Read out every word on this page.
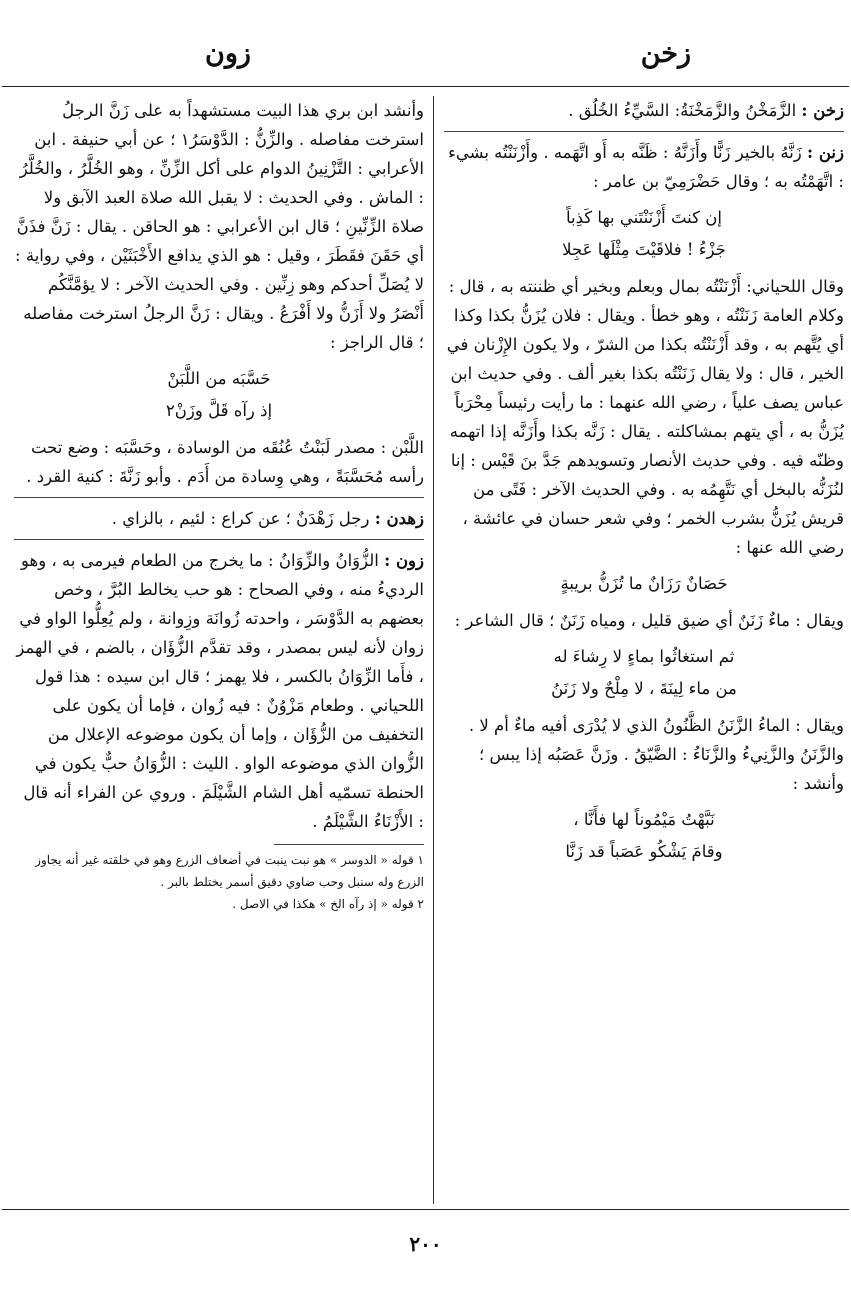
زخن
زون

زخن : الزَّمَخْنُ والزَّمَخْنَةُ: السَّيِّءُ الخُلُق .

زنن : زَنَّهُ بالخير زَنًّا وأَزَنَّهُ : ظَنَّه به أَو اتَّهَمه . وأَزْنَنْتُه بشيء : اتَّهَمْتُه به ؛ وقال حَضْرَمِيّ بن عامر :

إن كنتَ أَزْنَنْتَني بها كَذِباً
جَزْءُ ! فلاقَيْتَ مِثْلَها عَجِلا

وقال اللحياني: أَزْنَنْتُه بمال وبعلم وبخير أي ظننته به ، قال : وكلام العامة زَنَنْتُه ، وهو خطأ . ويقال : فلان يُزَنُّ بكذا وكذا أي يُتَّهم به ، وقد أَزْنَنْتُه بكذا من الشرّ ، ولا يكون الإِزْنان في الخير ، قال : ولا يقال زَنَنْتُه بكذا بغير ألف . وفي حديث ابن عباس يصف علياً ، رضي الله عنهما : ما رأيت رئيساً مِحْرَباً يُزَنُّ به ، أي يتهم بمشاكلته . يقال : زَنَّه بكذا وأَزَنَّه إذا اتهمه وظنّه فيه . وفي حديث الأنصار وتسويدهم جَدَّ بنَ قَيْس : إنا لنُزَنُّه بالبخل أي نَتَّهِمُه به . وفي الحديث الآخر : فَتًى من قريش يُزَنُّ بشرب الخمر ؛ وفي شعر حسان في عائشة ، رضي الله عنها :

حَصَانٌ رَزَانٌ ما تُزَنُّ بريبةٍ

ويقال : ماءٌ زَنَنٌ أي ضيق قليل ، ومياه زَنَنٌ ؛ قال الشاعر :

ثم استغاثُوا بماءٍ لا رِشاءَ له
من ماء لِينَةَ ، لا مِلْحٌ ولا زَنَنُ

ويقال : الماءُ الزَّنَنُ الظَّنُونُ الذي لا يُدْرَى أفيه ماءٌ أم لا .

والزَّنَنُ والزَّنِيءُ والزَّنَاءُ : الضَّيّقُ . وزَنَّ عَصَبُه إذا يبس ؛ وأنشد :

نَبَّهْتُ مَيْمُوناً لها فأَنَّا ،
وقامَ يَشْكُو عَصَباً قد زَنَّا

وأنشد ابن بري هذا البيت مستشهداً به على زَنَّ الرجلُ استرخت مفاصله . والزِّنُّ : الدَّوْسَرُ١ ؛ عن أبي حنيفة . ابن الأعرابي : التَّزْنِينُ الدوام على أكل الزِّنِّ ، وهو الخُلَّرُ ، والخُلَّرُ : الماش . وفي الحديث : لا يقبل الله صلاة العبد الآبق ولا صلاة الزِّنِّينِ ؛ قال ابن الأعرابي : هو الحاقن . يقال : زَنَّ فذَنَّ أي حَقَنَ فقَطَرَ ، وقيل : هو الذي يدافع الأَخْبَثَيْن ، وفي رواية : لا يُصَلِّ أحدكم وهو زِنِّين . وفي الحديث الآخر : لا يؤمَّنَّكُم أَنْصَرُ ولا أَزَنُّ ولا أَفْرَعُ . ويقال : زَنَّ الرجلُ استرخت مفاصله ؛ قال الراجز :

حَسَّبَه من اللَّبَنْ
إذ رآه قَلَّ وزَنْ٢

اللَّبْن : مصدر لَبَنْتُ عُنُقَه من الوسادة ، وحَسَّبَه : وضع تحت رأسه مُحَسَّبَةً ، وهي وِسادة من أَدَم . وأبو زَنَّةَ : كنية القرد .

زهدن : رجل زَهْدَنٌ ؛ عن كراع : لئيم ، بالزاي .

زون : الزُّوَانُ والزِّوَانُ : ما يخرج من الطعام فيرمى به ، وهو الرديءُ منه ، وفي الصحاح : هو حب يخالط البُرَّ ، وخص بعضهم به الدَّوْسَر ، واحدته زُوانَة وزِوانة ، ولم يُعِلُّوا الواو في زوان لأنه ليس بمصدر ، وقد تقدَّم الزُّؤَان ، بالضم ، في الهمز ، فأَما الزِّوَانُ بالكسر ، فلا يهمز ؛ قال ابن سيده : هذا قول اللحياني . وطعام مَزْوُنٌ : فيه زُوان ، فإما أن يكون على التخفيف من الزُّؤَان ، وإما أن يكون موضوعه الإعلال من الزُّوان الذي موضوعه الواو . الليث : الزُّوَانُ حبٌّ يكون في الحنطة تسمّيه أهل الشام الشَّيْلَمَ . وروي عن الفراء أنه قال : الأَزْنَاءُ الشَّيْلَمُ .

١ قوله « الدوسر » هو نبت ينبت في أضعاف الزرع وهو في خلقته غير أنه يجاوز الزرع وله سنبل وحب ضاوي دقيق أسمر يختلط بالبر .
٢ قوله « إذ رآه الخ » هكذا في الاصل .
٢٠٠
